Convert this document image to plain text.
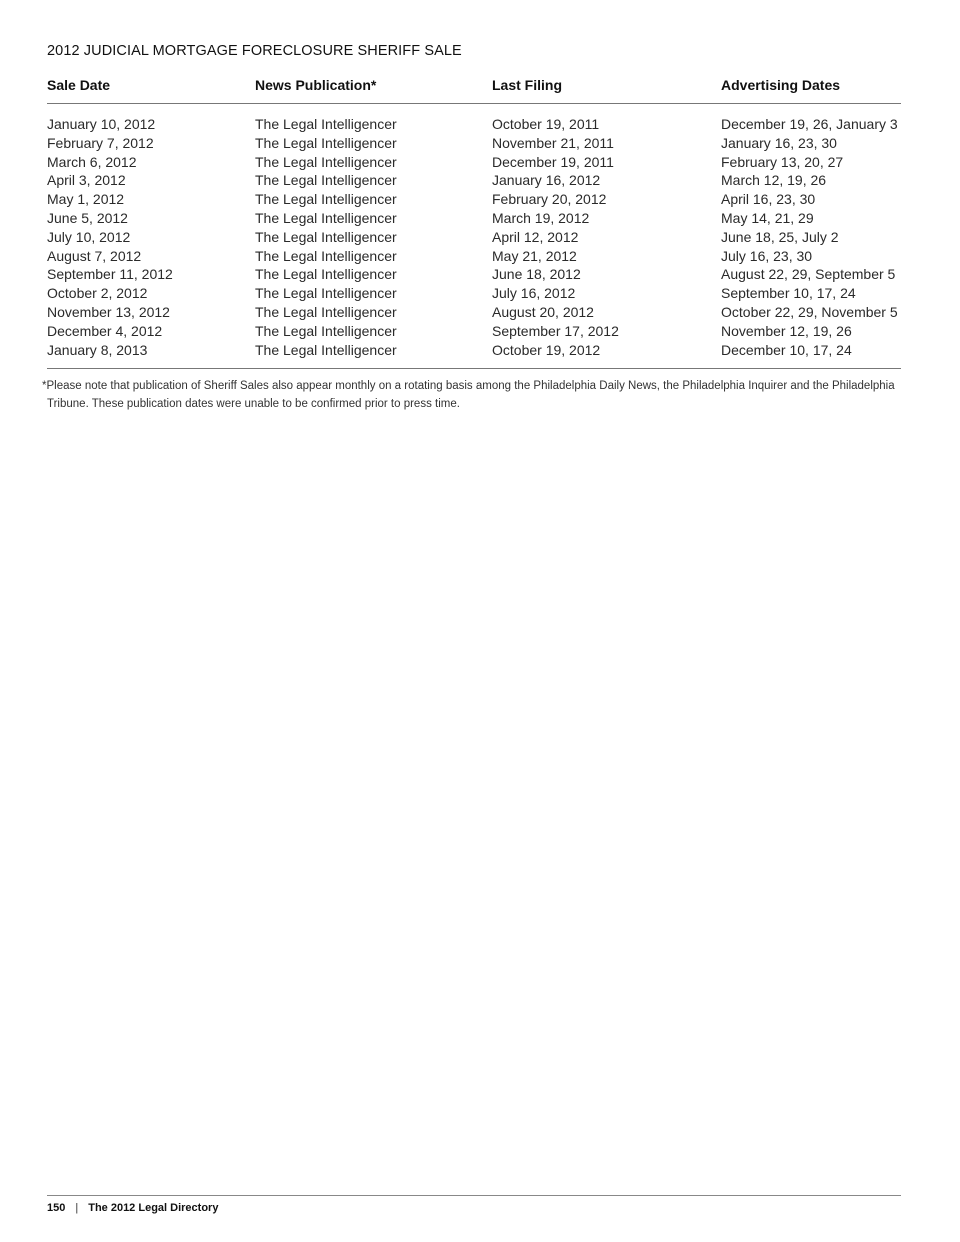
2012 JUDICIAL MORTGAGE FORECLOSURE SHERIFF SALE
Sale Date	News Publication*	Last Filing	Advertising Dates
January 10, 2012	The Legal Intelligencer	October 19, 2011	December 19, 26, January 3
February 7, 2012	The Legal Intelligencer	November 21, 2011	January 16, 23, 30
March 6, 2012	The Legal Intelligencer	December 19, 2011	February 13, 20, 27
April 3, 2012	The Legal Intelligencer	January 16, 2012	March 12, 19, 26
May 1, 2012	The Legal Intelligencer	February 20, 2012	April 16, 23, 30
June 5, 2012	The Legal Intelligencer	March 19, 2012	May 14, 21, 29
July 10, 2012	The Legal Intelligencer	April 12, 2012	June 18, 25, July 2
August 7, 2012	The Legal Intelligencer	May 21, 2012	July 16, 23, 30
September 11, 2012	The Legal Intelligencer	June 18, 2012	August 22, 29, September 5
October 2, 2012	The Legal Intelligencer	July 16, 2012	September 10, 17, 24
November 13, 2012	The Legal Intelligencer	August 20, 2012	October 22, 29, November 5
December 4, 2012	The Legal Intelligencer	September 17, 2012	November 12, 19, 26
January 8, 2013	The Legal Intelligencer	October 19, 2012	December 10, 17, 24
*Please note that publication of Sheriff Sales also appear monthly on a rotating basis among the Philadelphia Daily News, the Philadelphia Inquirer and the Philadelphia Tribune. These publication dates were unable to be confirmed prior to press time.
150 | The 2012 Legal Directory
